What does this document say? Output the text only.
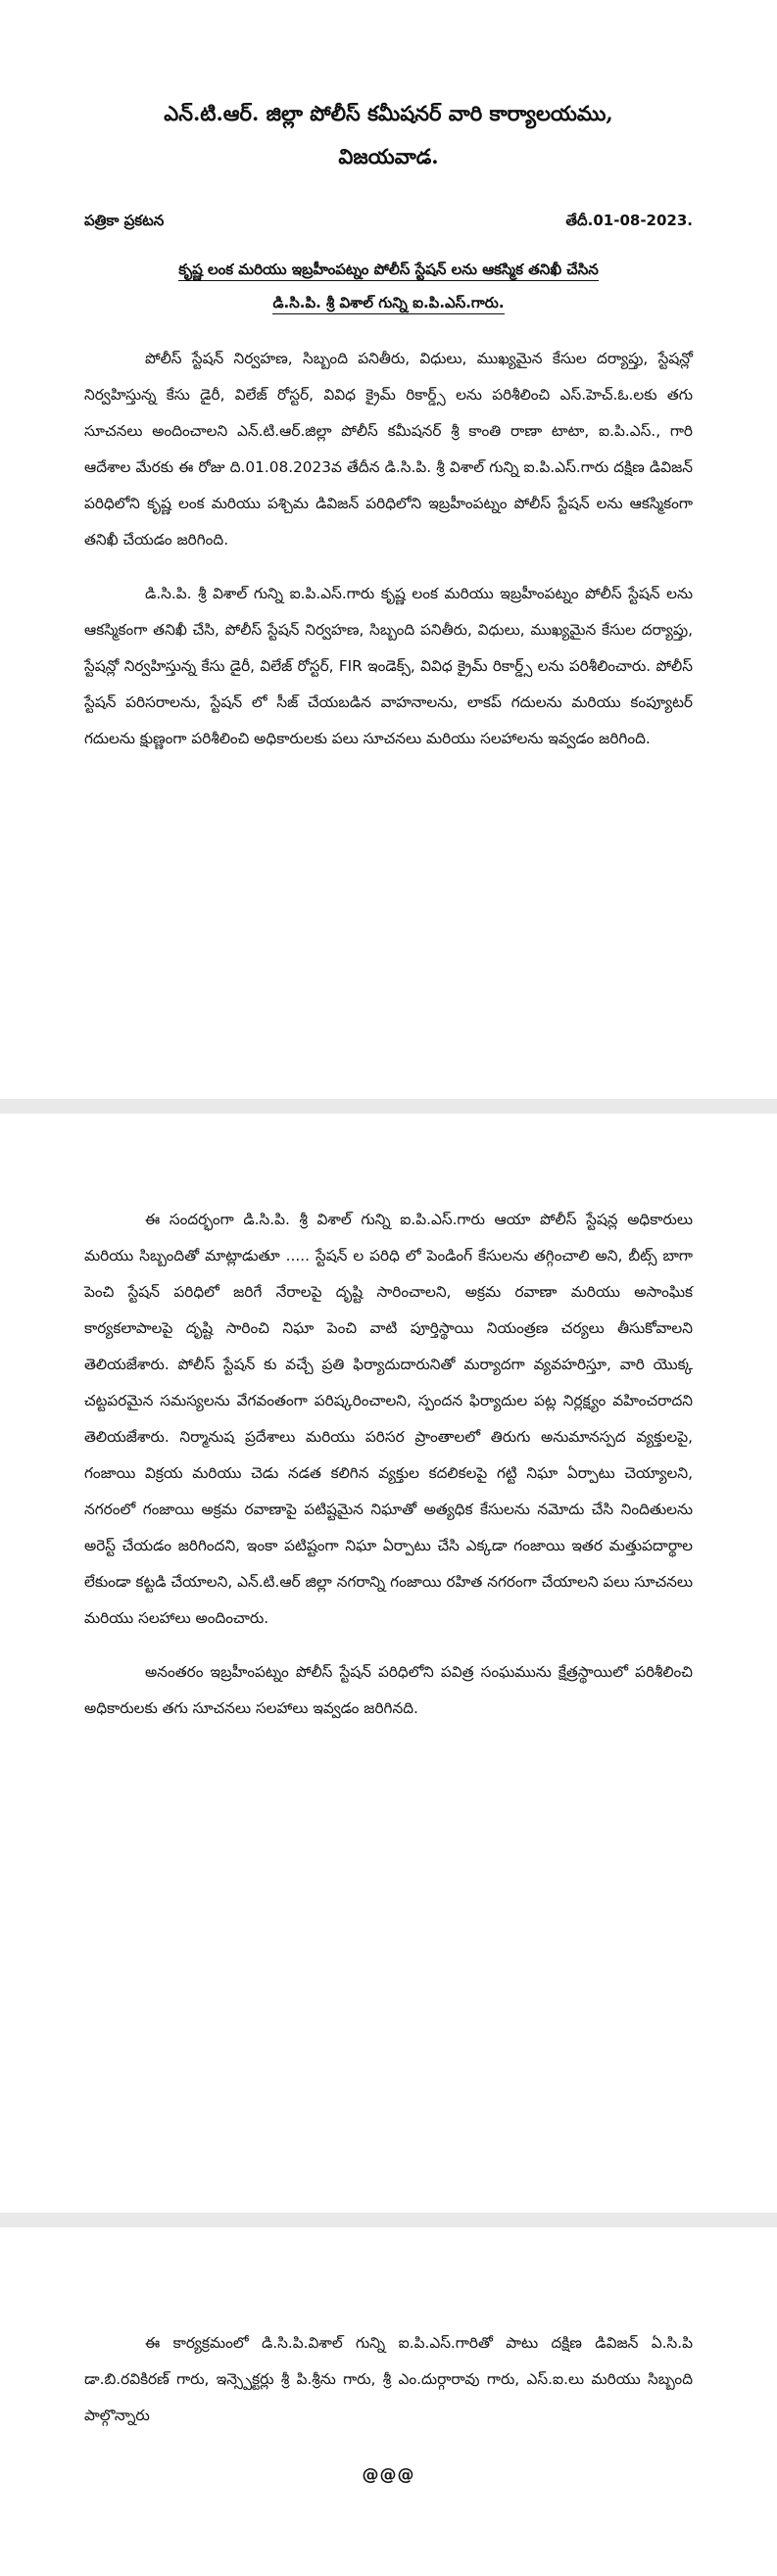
ఎన్.టి.ఆర్. జిల్లా పోలీస్ కమీషనర్ వారి కార్యాలయము,

విజయవాడ.

పత్రికా ప్రకటన	తేదీ.01-08-2023.
కృష్ణ లంక మరియు ఇబ్రహీంపట్నం పోలీస్ స్టేషన్ లను ఆకస్మిక తనిఖీ చేసిన
డి.సి.పి. శ్రీ విశాల్ గున్ని ఐ.పి.ఎస్.గారు.

పోలీస్ స్టేషన్ నిర్వహణ, సిబ్బంది పనితీరు, విధులు, ముఖ్యమైన కేసుల దర్యాప్తు, స్టేషన్లో నిర్వహిస్తున్న కేసు డైరీ, విలేజ్ రోస్టర్, వివిధ క్రైమ్ రికార్డ్స్ లను పరిశీలించి ఎస్.హెచ్.ఓ.లకు తగు సూచనలు అందించాలని ఎన్.టి.ఆర్.జిల్లా పోలీస్ కమీషనర్ శ్రీ కాంతి రాణా టాటా, ఐ.పి.ఎస్., గారి ఆదేశాల మేరకు ఈ రోజు ది.01.08.2023వ తేదీన డి.సి.పి. శ్రీ విశాల్ గున్ని ఐ.పి.ఎస్.గారు దక్షిణ డివిజన్ పరిధిలోని కృష్ణ లంక మరియు పశ్చిమ డివిజన్ పరిధిలోని ఇబ్రహీంపట్నం పోలీస్ స్టేషన్ లను ఆకస్మికంగా తనిఖీ చేయడం జరిగింది.

డి.సి.పి. శ్రీ విశాల్ గున్ని ఐ.పి.ఎస్.గారు కృష్ణ లంక మరియు ఇబ్రహీంపట్నం పోలీస్ స్టేషన్ లను ఆకస్మికంగా తనిఖీ చేసి, పోలీస్ స్టేషన్ నిర్వహణ, సిబ్బంది పనితీరు, విధులు, ముఖ్యమైన కేసుల దర్యాప్తు, స్టేషన్లో నిర్వహిస్తున్న కేసు డైరీ, విలేజ్ రోస్టర్, FIR ఇండెక్స్, వివిధ క్రైమ్ రికార్డ్స్ లను పరిశీలించారు. పోలీస్ స్టేషన్ పరిసరాలను, స్టేషన్ లో సీజ్ చేయబడిన వాహనాలను, లాకప్ గదులను మరియు కంప్యూటర్ గదులను క్షుణ్ణంగా పరిశీలించి అధికారులకు పలు సూచనలు మరియు సలహాలను ఇవ్వడం జరిగింది.

ఈ సందర్భంగా డి.సి.పి. శ్రీ విశాల్ గున్ని ఐ.పి.ఎస్.గారు ఆయా పోలీస్ స్టేషన్ల అధికారులు మరియు సిబ్బందితో మాట్లాడుతూ ..... స్టేషన్ ల పరిధి లో పెండింగ్ కేసులను తగ్గించాలి అని, బీట్స్ బాగా పెంచి స్టేషన్ పరిధిలో జరిగే నేరాలపై దృష్టి సారించాలని, అక్రమ రవాణా మరియు అసాంఘిక కార్యకలాపాలపై దృష్టి సారించి నిఘా పెంచి వాటి పూర్తిస్థాయి నియంత్రణ చర్యలు తీసుకోవాలని తెలియజేశారు. పోలీస్ స్టేషన్ కు వచ్చే ప్రతి ఫిర్యాదుదారునితో మర్యాదగా వ్యవహరిస్తూ, వారి యొక్క చట్టపరమైన సమస్యలను వేగవంతంగా పరిష్కరించాలని, స్పందన ఫిర్యాదుల పట్ల నిర్లక్ష్యం వహించరాదని తెలియజేశారు. నిర్మానుష ప్రదేశాలు మరియు పరిసర ప్రాంతాలలో తిరుగు అనుమానస్పద వ్యక్తులపై, గంజాయి విక్రయ మరియు చెడు నడత కలిగిన వ్యక్తుల కదలికలపై గట్టి నిఘా ఏర్పాటు చెయ్యాలని, నగరంలో గంజాయి అక్రమ రవాణాపై పటిష్టమైన నిఘాతో అత్యధిక కేసులను నమోదు చేసి నిందితులను అరెస్ట్ చేయడం జరిగిందని, ఇంకా పటిష్టంగా నిఘా ఏర్పాటు చేసి ఎక్కడా గంజాయి ఇతర మత్తుపదార్థాల లేకుండా కట్టడి చేయాలని, ఎన్.టి.ఆర్ జిల్లా నగరాన్ని గంజాయి రహిత నగరంగా చేయాలని పలు సూచనలు మరియు సలహాలు అందించారు.

అనంతరం ఇబ్రహీంపట్నం పోలీస్ స్టేషన్ పరిధిలోని పవిత్ర సంఘమును క్షేత్రస్థాయిలో పరిశీలించి అధికారులకు తగు సూచనలు సలహాలు ఇవ్వడం జరిగినది.

ఈ కార్యక్రమంలో డి.సి.పి.విశాల్ గున్ని ఐ.పి.ఎస్.గారితో పాటు దక్షిణ డివిజన్ ఏ.సి.పి డా.బి.రవికిరణ్ గారు, ఇన్స్పెక్టర్లు శ్రీ పి.శ్రీను గారు, శ్రీ ఎం.దుర్గారావు గారు, ఎస్.ఐ.లు మరియు సిబ్బంది పాల్గొన్నారు

@@@
